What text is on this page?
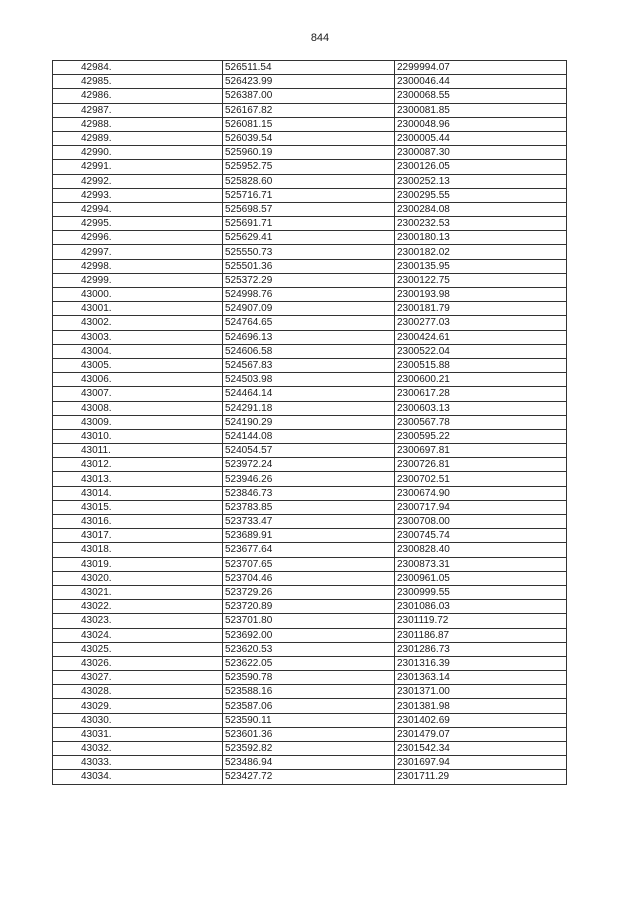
844
42984.	526511.54	2299994.07
42985.	526423.99	2300046.44
42986.	526387.00	2300068.55
42987.	526167.82	2300081.85
42988.	526081.15	2300048.96
42989.	526039.54	2300005.44
42990.	525960.19	2300087.30
42991.	525952.75	2300126.05
42992.	525828.60	2300252.13
42993.	525716.71	2300295.55
42994.	525698.57	2300284.08
42995.	525691.71	2300232.53
42996.	525629.41	2300180.13
42997.	525550.73	2300182.02
42998.	525501.36	2300135.95
42999.	525372.29	2300122.75
43000.	524998.76	2300193.98
43001.	524907.09	2300181.79
43002.	524764.65	2300277.03
43003.	524696.13	2300424.61
43004.	524606.58	2300522.04
43005.	524567.83	2300515.88
43006.	524503.98	2300600.21
43007.	524464.14	2300617.28
43008.	524291.18	2300603.13
43009.	524190.29	2300567.78
43010.	524144.08	2300595.22
43011.	524054.57	2300697.81
43012.	523972.24	2300726.81
43013.	523946.26	2300702.51
43014.	523846.73	2300674.90
43015.	523783.85	2300717.94
43016.	523733.47	2300708.00
43017.	523689.91	2300745.74
43018.	523677.64	2300828.40
43019.	523707.65	2300873.31
43020.	523704.46	2300961.05
43021.	523729.26	2300999.55
43022.	523720.89	2301086.03
43023.	523701.80	2301119.72
43024.	523692.00	2301186.87
43025.	523620.53	2301286.73
43026.	523622.05	2301316.39
43027.	523590.78	2301363.14
43028.	523588.16	2301371.00
43029.	523587.06	2301381.98
43030.	523590.11	2301402.69
43031.	523601.36	2301479.07
43032.	523592.82	2301542.34
43033.	523486.94	2301697.94
43034.	523427.72	2301711.29
